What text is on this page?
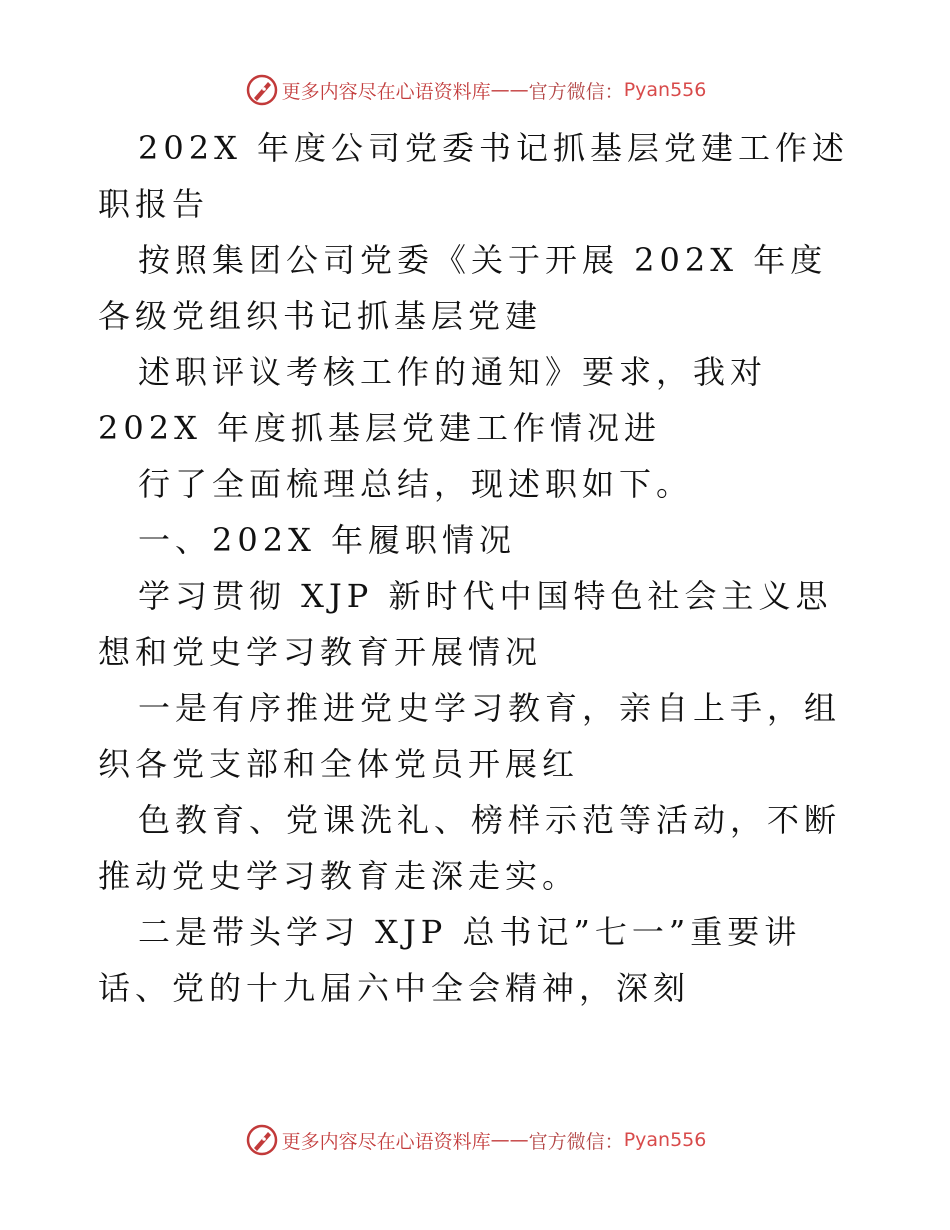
更多内容尽在心语资料库 —— 官方微信： Pyan556

202X 年度公司党委书记抓基层党建工作述职报告

按照集团公司党委《关于开展 202X 年度各级党组织书记抓基层党建

述职评议考核工作的通知》要求，我对 202X 年度抓基层党建工作情况进

行了全面梳理总结，现述职如下。

一、202X 年履职情况

学习贯彻 XJP 新时代中国特色社会主义思想和党史学习教育开展情况

一是有序推进党史学习教育，亲自上手，组织各党支部和全体党员开展红

色教育、党课洗礼、榜样示范等活动，不断推动党史学习教育走深走实。

二是带头学习 XJP 总书记”七一”重要讲话、党的十九届六中全会精神，深刻

更多内容尽在心语资料库 —— 官方微信： Pyan556
